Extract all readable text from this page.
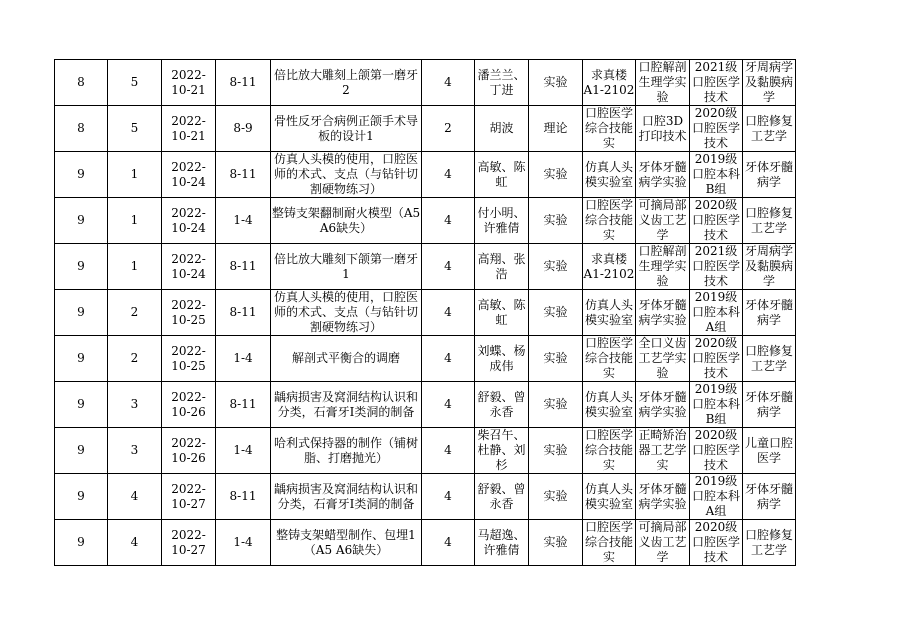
8	5	2022-10-21	8-11	倍比放大雕刻上颌第一磨牙2	4	潘兰兰、丁进	实验	求真楼A1-2102	口腔解剖生理学实验	2021级口腔医学技术	牙周病学及黏膜病学

8	5	2022-10-21	8-9	骨性反牙合病例正颌手术导板的设计1	2	胡波	理论	口腔医学综合技能实	口腔3D打印技术	2020级口腔医学技术	口腔修复工艺学

9	1	2022-10-24	8-11	仿真人头模的使用，口腔医师的术式、支点（与钻针切割硬物练习）	4	高敏、陈虹	实验	仿真人头模实验室	牙体牙髓病学实验	2019级口腔本科B组	牙体牙髓病学

9	1	2022-10-24	1-4	整铸支架翻制耐火模型（A5 A6缺失）	4	付小明、许雅倩	实验	口腔医学综合技能实	可摘局部义齿工艺学	2020级口腔医学技术	口腔修复工艺学

9	1	2022-10-24	8-11	倍比放大雕刻下颌第一磨牙1	4	高翔、张浩	实验	求真楼A1-2102	口腔解剖生理学实验	2021级口腔医学技术	牙周病学及黏膜病学

9	2	2022-10-25	8-11	仿真人头模的使用，口腔医师的术式、支点（与钻针切割硬物练习）	4	高敏、陈虹	实验	仿真人头模实验室	牙体牙髓病学实验	2019级口腔本科A组	牙体牙髓病学

9	2	2022-10-25	1-4	解剖式平衡合的调磨	4	刘蝶、杨成伟	实验	口腔医学综合技能实	全口义齿工艺学实验	2020级口腔医学技术	口腔修复工艺学

9	3	2022-10-26	8-11	龋病损害及窝洞结构认识和分类，石膏牙Ⅰ类洞的制备	4	舒毅、曾永香	实验	仿真人头模实验室	牙体牙髓病学实验	2019级口腔本科B组	牙体牙髓病学

9	3	2022-10-26	1-4	哈利式保持器的制作（铺树脂、打磨抛光）	4	柴召午、杜静、刘杉	实验	口腔医学综合技能实	正畸矫治器工艺学实	2020级口腔医学技术	儿童口腔医学

9	4	2022-10-27	8-11	龋病损害及窝洞结构认识和分类，石膏牙Ⅰ类洞的制备	4	舒毅、曾永香	实验	仿真人头模实验室	牙体牙髓病学实验	2019级口腔本科A组	牙体牙髓病学

9	4	2022-10-27	1-4	整铸支架蜡型制作、包埋1（A5 A6缺失）	4	马超逸、许雅倩	实验	口腔医学综合技能实	可摘局部义齿工艺学	2020级口腔医学技术	口腔修复工艺学
